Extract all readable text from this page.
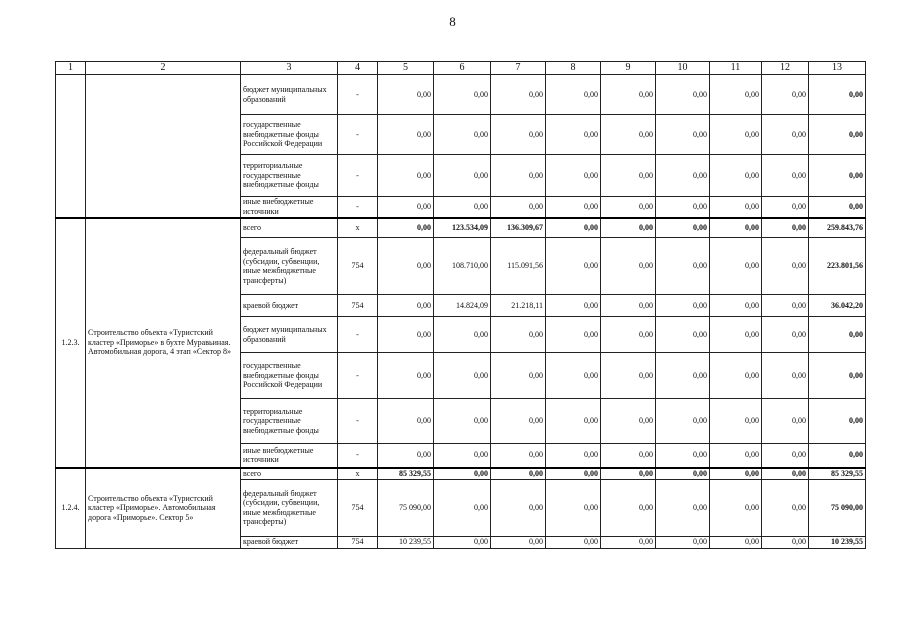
8
1	2	3	4	5	6	7	8	9	10	11	12	13
		бюджет муниципальных образований	-	0,00	0,00	0,00	0,00	0,00	0,00	0,00	0,00	0,00
		государственные внебюджетные фонды Российской Федерации	-	0,00	0,00	0,00	0,00	0,00	0,00	0,00	0,00	0,00
		территориальные государственные внебюджетные фонды	-	0,00	0,00	0,00	0,00	0,00	0,00	0,00	0,00	0,00
		иные внебюджетные источники	-	0,00	0,00	0,00	0,00	0,00	0,00	0,00	0,00	0,00
1.2.3.	Строительство объекта «Туристский кластер «Приморье» в бухте Муравьиная. Автомобильная дорога, 4 этап «Сектор 8»	всего	x	0,00	123.534,09	136.309,67	0,00	0,00	0,00	0,00	0,00	259.843,76
		федеральный бюджет (субсидии, субвенции, иные межбюджетные трансферты)	754	0,00	108.710,00	115.091,56	0,00	0,00	0,00	0,00	0,00	223.801,56
		краевой бюджет	754	0,00	14.824,09	21.218,11	0,00	0,00	0,00	0,00	0,00	36.042,20
		бюджет муниципальных образований	-	0,00	0,00	0,00	0,00	0,00	0,00	0,00	0,00	0,00
		государственные внебюджетные фонды Российской Федерации	-	0,00	0,00	0,00	0,00	0,00	0,00	0,00	0,00	0,00
		территориальные государственные внебюджетные фонды	-	0,00	0,00	0,00	0,00	0,00	0,00	0,00	0,00	0,00
		иные внебюджетные источники	-	0,00	0,00	0,00	0,00	0,00	0,00	0,00	0,00	0,00
1.2.4.	Строительство объекта «Туристский кластер «Приморье». Автомобильная дорога «Приморье». Сектор 5»	всего	x	85 329,55	0,00	0,00	0,00	0,00	0,00	0,00	0,00	85 329,55
		федеральный бюджет (субсидии, субвенции, иные межбюджетные трансферты)	754	75 090,00	0,00	0,00	0,00	0,00	0,00	0,00	0,00	75 090,00
		краевой бюджет	754	10 239,55	0,00	0,00	0,00	0,00	0,00	0,00	0,00	10 239,55
